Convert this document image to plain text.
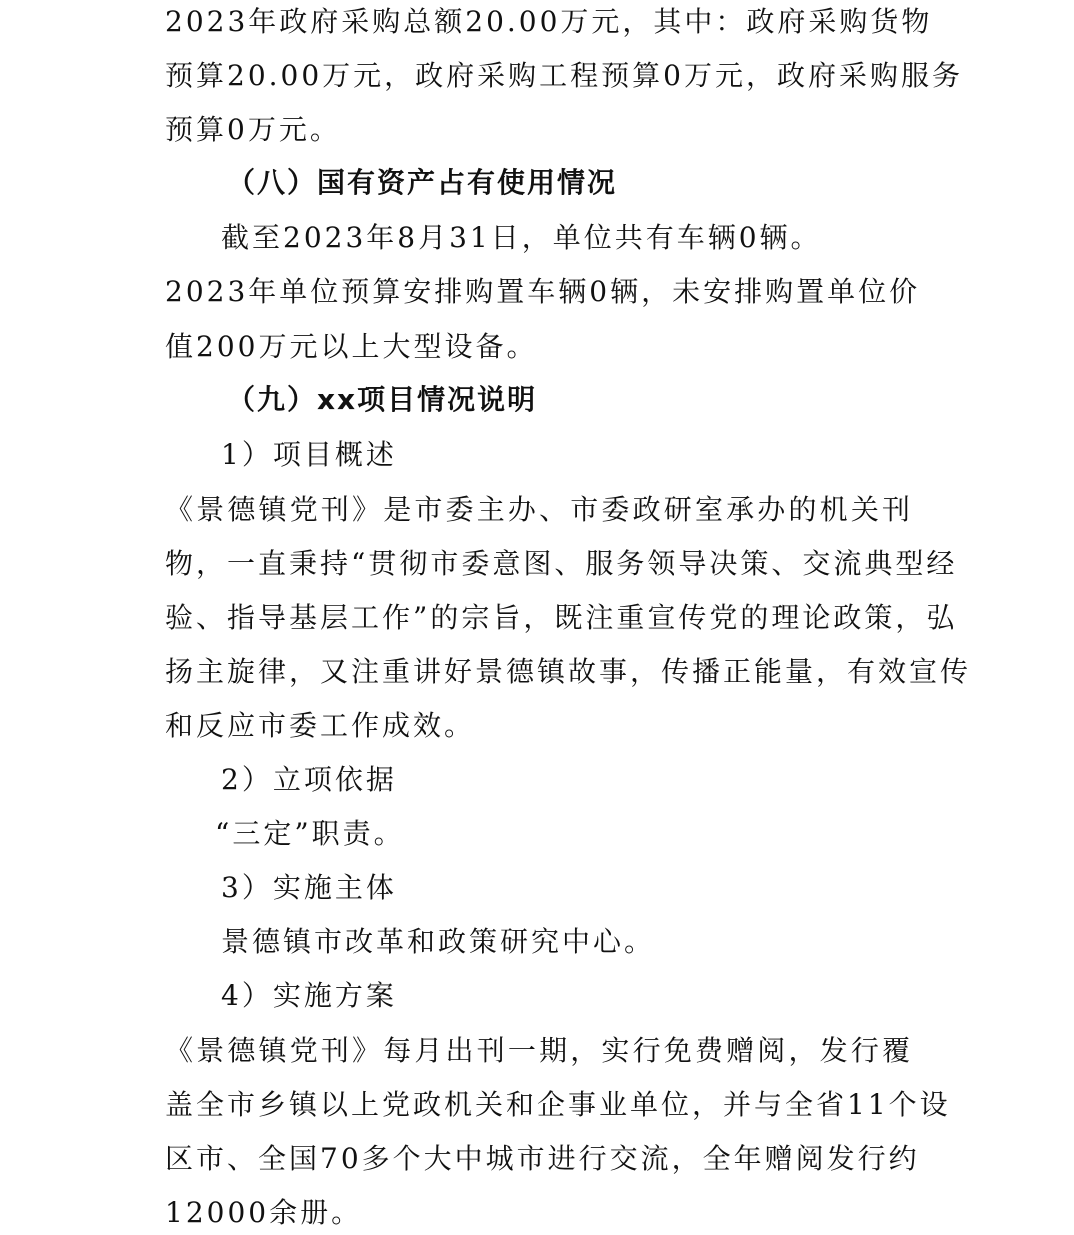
2023年政府采购总额20.00万元，其中：政府采购货物
预算20.00万元，政府采购工程预算0万元，政府采购服务
预算0万元。
（八）国有资产占有使用情况
截至2023年8月31日，单位共有车辆0辆。
2023年单位预算安排购置车辆0辆，未安排购置单位价
值200万元以上大型设备。
（九）xx项目情况说明
1）项目概述
《景德镇党刊》是市委主办、市委政研室承办的机关刊
物，一直秉持“贯彻市委意图、服务领导决策、交流典型经
验、指导基层工作”的宗旨，既注重宣传党的理论政策，弘
扬主旋律，又注重讲好景德镇故事，传播正能量，有效宣传
和反应市委工作成效。
2）立项依据
“三定”职责。
3）实施主体
景德镇市改革和政策研究中心。
4）实施方案
《景德镇党刊》每月出刊一期，实行免费赠阅，发行覆
盖全市乡镇以上党政机关和企事业单位，并与全省11个设
区市、全国70多个大中城市进行交流，全年赠阅发行约
12000余册。
